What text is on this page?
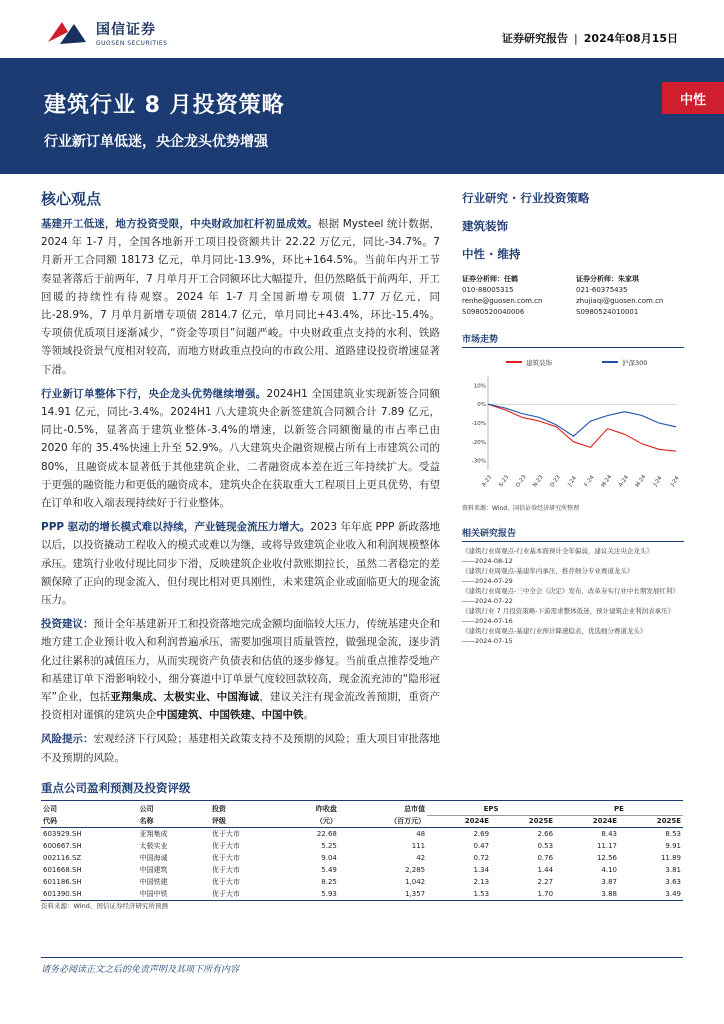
国信证券
GUOSEN SECURITIES	证券研究报告 | 2024年08月15日
建筑行业 8 月投资策略
行业新订单低迷，央企龙头优势增强
中性
核心观点

基建开工低迷，地方投资受限，中央财政加杠杆初显成效。根据 Mysteel 统计数据，2024 年 1-7 月，全国各地新开工项目投资额共计 22.22 万亿元，同比-34.7%。7 月新开工合同额 18173 亿元，单月同比-13.9%，环比+164.5%。当前年内开工节奏显著落后于前两年，7 月单月开工合同额环比大幅提升，但仍然略低于前两年，开工回暖的持续性有待观察。2024 年 1-7 月全国新增专项债 1.77 万亿元，同比-28.9%，7 月单月新增专项债 2814.7 亿元，单月同比+43.4%，环比-15.4%。专项债优质项目逐渐减少，“资金等项目”问题严峻。中央财政重点支持的水利、铁路等领域投资景气度相对较高，而地方财政重点投向的市政公用、道路建设投资增速显著下滑。

行业新订单整体下行，央企龙头优势继续增强。2024H1 全国建筑业实现新签合同额 14.91 亿元，同比-3.4%。2024H1 八大建筑央企新签建筑合同额合计 7.89 亿元，同比-0.5%，显著高于建筑业整体-3.4%的增速，以新签合同额衡量的市占率已由 2020 年的 35.4%快速上升至 52.9%。八大建筑央企融资规模占所有上市建筑公司的 80%，且融资成本显著低于其他建筑企业，二者融资成本差在近三年持续扩大。受益于更强的融资能力和更低的融资成本，建筑央企在获取重大工程项目上更具优势，有望在订单和收入端表现持续好于行业整体。

PPP 驱动的增长模式难以持续，产业链现金流压力增大。2023 年年底 PPP 新政落地以后，以投资撬动工程收入的模式或难以为继，或将导致建筑企业收入和利润规模整体承压。建筑行业收付现比同步下滑，反映建筑企业收付款账期拉长，虽然二者稳定的差额保障了正向的现金流入，但付现比相对更具刚性，未来建筑企业或面临更大的现金流压力。

投资建议：预计全年基建新开工和投资落地完成金额均面临较大压力，传统基建央企和地方建工企业预计收入和利润普遍承压，需要加强项目质量管控，做强现金流，逐步消化过往累积的减值压力，从而实现资产负债表和估值的逐步修复。当前重点推荐受地产和基建订单下滑影响较小，细分赛道中订单景气度较回款较高，现金流充沛的“隐形冠军”企业，包括亚翔集成、太极实业、中国海诚，建议关注有现金流改善预期，重资产投资相对谨慎的建筑央企中国建筑、中国铁建、中国中铁。

风险提示：宏观经济下行风险；基建相关政策支持不及预期的风险；重大项目审批落地不及预期的风险。

重点公司盈利预测及投资评级
公司	公司	投资	昨收盘	总市值	EPS		PE	
代码	名称	评级	（元）	（百万元）	2024E	2025E	2024E	2025E
603929.SH	亚翔集成	优于大市	22.68	48	2.69	2.66	8.43	8.53
600667.SH	太极实业	优于大市	5.25	111	0.47	0.53	11.17	9.91
002116.SZ	中国海诚	优于大市	9.04	42	0.72	0.76	12.56	11.89
601668.SH	中国建筑	优于大市	5.49	2,285	1.34	1.44	4.10	3.81
601186.SH	中国铁建	优于大市	8.25	1,042	2.13	2.27	3.87	3.63
601390.SH	中国中铁	优于大市	5.93	1,357	1.53	1.70	3.88	3.49
资料来源：Wind、国信证券经济研究所预测
行业研究 · 行业投资策略
建筑装饰
中性 · 维持
证券分析师：任鹤
010-88005315
renhe@guosen.com.cn
S0980520040006
证券分析师：朱家琪
021-60375435
zhujiaqi@guosen.com.cn
S0980524010001
市场走势
建筑装饰	沪深300
10%
0%
-10%
-20%
-30%
A-23 S-23 O-23 N-23 D-23 J-24 F-24 M-24 A-24 M-24 J-24 J-24
资料来源：Wind、国信证券经济研究所整理
相关研究报告
《建筑行业周观点-行业基本面预计全年偏弱，建议关注央企龙头》
——2024-08-12
《建筑行业周观点-基建年内承压，推荐细分专业赛道龙头》
——2024-07-29
《建筑行业周观点-三中全会《决定》发布，改革夯实行业中长期发展红利》
——2024-07-22
《建筑行业 7 月投资策略-下游需求整体低迷，预计建筑企业利润表承压》
——2024-07-16
《建筑行业周观点-基建行业预计降速稳表，优选细分赛道龙头》
——2024-07-15
请务必阅读正文之后的免责声明及其项下所有内容
